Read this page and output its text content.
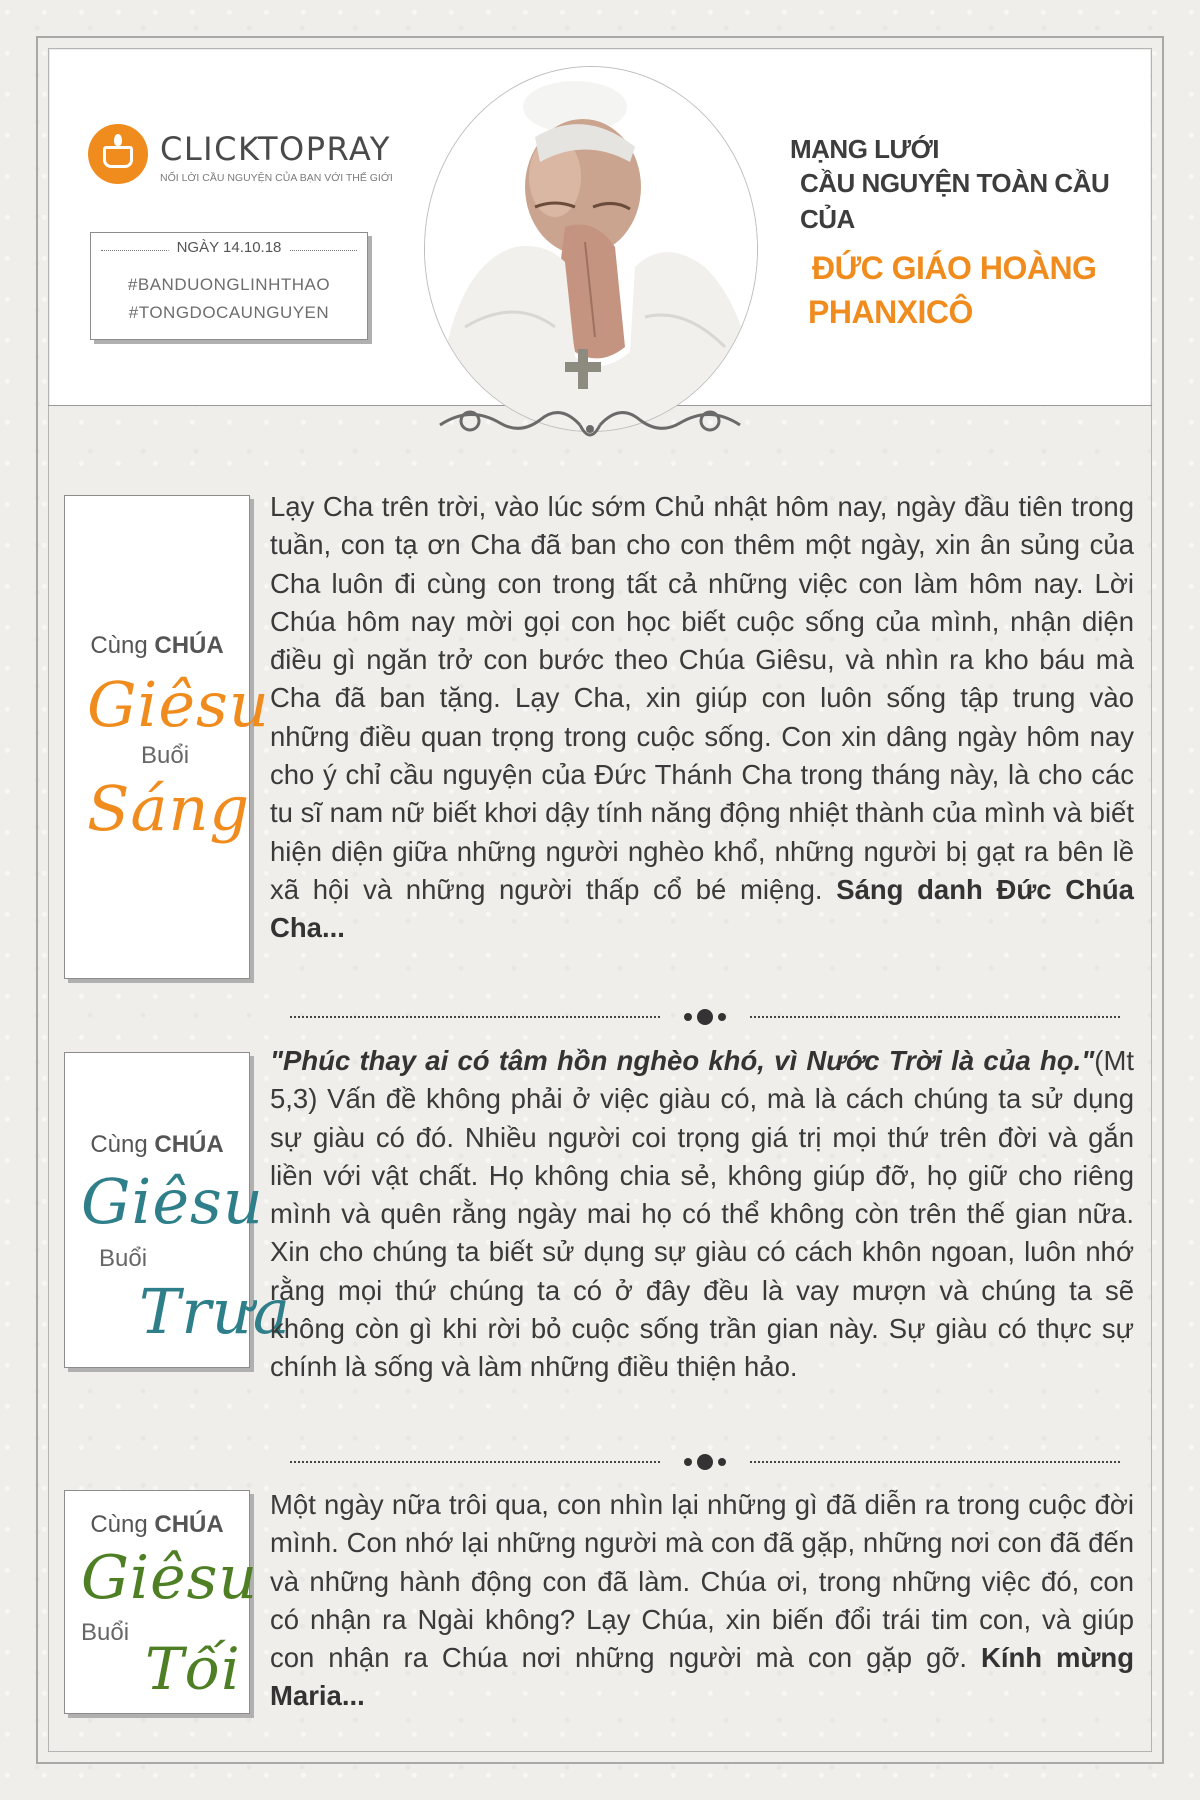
CLICKTOPRAY
NỐI LỜI CẦU NGUYỆN CỦA BẠN VỚI THẾ GIỚI
NGÀY 14.10.18
#BANDUONGLINHTHAO
#TONGDOCAUNGUYEN
MẠNG LƯỚI
CẦU NGUYỆN TOÀN CẦU
CỦA
ĐỨC GIÁO HOÀNG
PHANXICÔ
Cùng CHÚA
Giêsu
Buổi
Sáng
Lạy Cha trên trời, vào lúc sớm Chủ nhật hôm nay, ngày đầu tiên trong tuần, con tạ ơn Cha đã ban cho con thêm một ngày, xin ân sủng của Cha luôn đi cùng con trong tất cả những việc con làm hôm nay. Lời Chúa hôm nay mời gọi con học biết cuộc sống của mình, nhận diện điều gì ngăn trở con bước theo Chúa Giêsu, và nhìn ra kho báu mà Cha đã ban tặng. Lạy Cha, xin giúp con luôn sống tập trung vào những điều quan trọng trong cuộc sống. Con xin dâng ngày hôm nay cho ý chỉ cầu nguyện của Đức Thánh Cha trong tháng này, là cho các tu sĩ nam nữ biết khơi dậy tính năng động nhiệt thành của mình và biết hiện diện giữa những người nghèo khổ, những người bị gạt ra bên lề xã hội và những người thấp cổ bé miệng. Sáng danh Đức Chúa Cha...
Cùng CHÚA
Giêsu
Buổi
Trưa
"Phúc thay ai có tâm hồn nghèo khó, vì Nước Trời là của họ."(Mt 5,3) Vấn đề không phải ở việc giàu có, mà là cách chúng ta sử dụng sự giàu có đó. Nhiều người coi trọng giá trị mọi thứ trên đời và gắn liền với vật chất. Họ không chia sẻ, không giúp đỡ, họ giữ cho riêng mình và quên rằng ngày mai họ có thể không còn trên thế gian nữa. Xin cho chúng ta biết sử dụng sự giàu có cách khôn ngoan, luôn nhớ rằng mọi thứ chúng ta có ở đây đều là vay mượn và chúng ta sẽ không còn gì khi rời bỏ cuộc sống trần gian này. Sự giàu có thực sự chính là sống và làm những điều thiện hảo.
Cùng CHÚA
Giêsu
Buổi
Tối
Một ngày nữa trôi qua, con nhìn lại những gì đã diễn ra trong cuộc đời mình. Con nhớ lại những người mà con đã gặp, những nơi con đã đến và những hành động con đã làm. Chúa ơi, trong những việc đó, con có nhận ra Ngài không? Lạy Chúa, xin biến đổi trái tim con, và giúp con nhận ra Chúa nơi những người mà con gặp gỡ. Kính mừng Maria...
